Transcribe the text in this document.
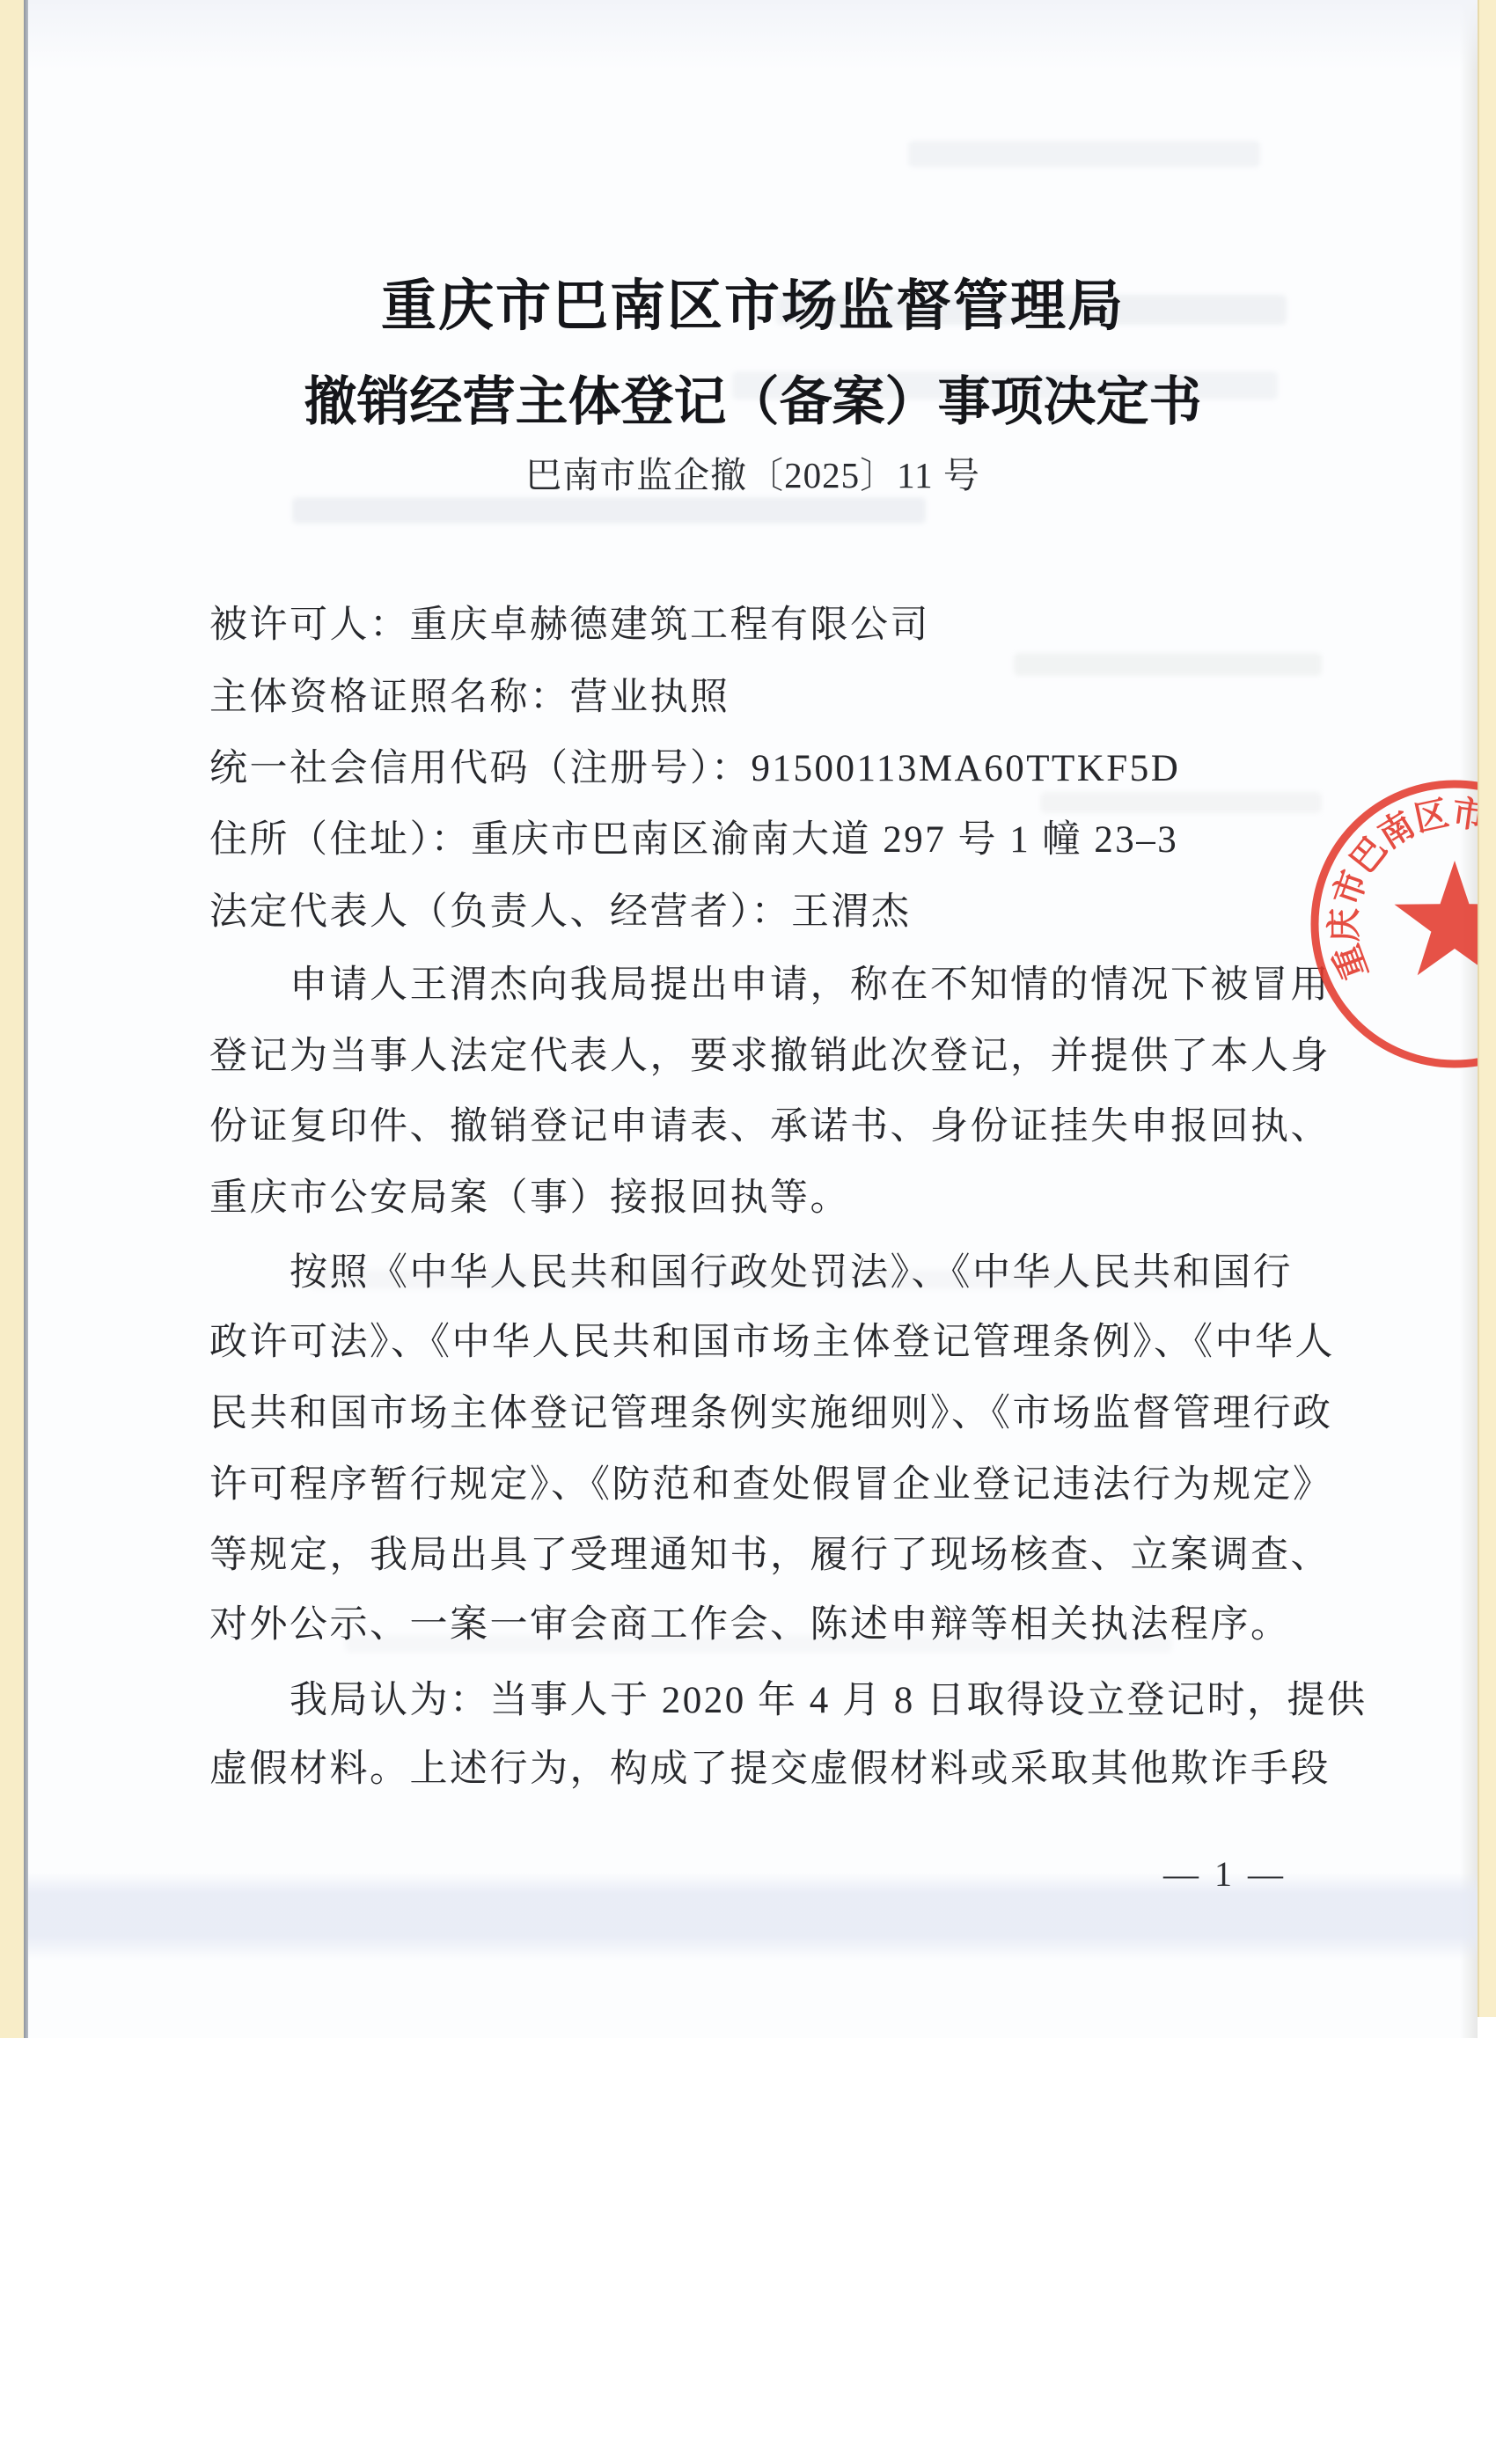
重庆市巴南区市场监督管理局
撤销经营主体登记（备案）事项决定书
巴南市监企撤〔2025〕11 号
被许可人：重庆卓赫德建筑工程有限公司
主体资格证照名称：营业执照
统一社会信用代码（注册号）：91500113MA60TTKF5D
住所（住址）：重庆市巴南区渝南大道 297 号 1 幢 23–3
法定代表人（负责人、经营者）：王渭杰
申请人王渭杰向我局提出申请，称在不知情的情况下被冒用
登记为当事人法定代表人，要求撤销此次登记，并提供了本人身
份证复印件、撤销登记申请表、承诺书、身份证挂失申报回执、
重庆市公安局案（事）接报回执等。
按照《中华人民共和国行政处罚法》、《中华人民共和国行
政许可法》、《中华人民共和国市场主体登记管理条例》、《中华人
民共和国市场主体登记管理条例实施细则》、《市场监督管理行政
许可程序暂行规定》、《防范和查处假冒企业登记违法行为规定》
等规定，我局出具了受理通知书，履行了现场核查、立案调查、
对外公示、一案一审会商工作会、陈述申辩等相关执法程序。
我局认为：当事人于 2020 年 4 月 8 日取得设立登记时，提供
虚假材料。上述行为，构成了提交虚假材料或采取其他欺诈手段
重庆市巴南区市
— 1 —
